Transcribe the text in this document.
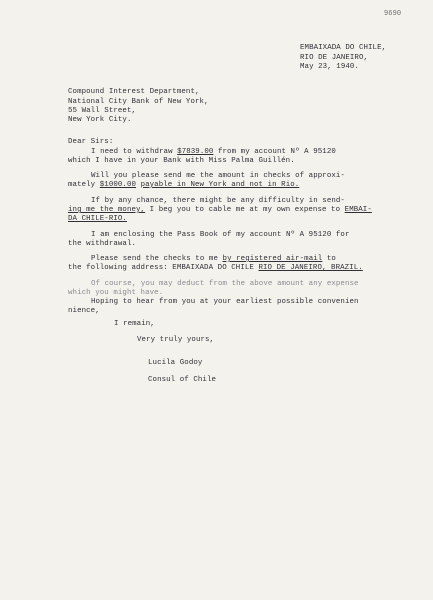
9690
EMBAIXADA DO CHILE,
RIO DE JANEIRO,
May 23, 1940.
Compound Interest Department,
National City Bank of New York,
55 Wall Street,
New York City.
Dear Sirs:
I need to withdraw $7839.00 from my account Nº A 95120
which I have in your Bank with Miss Palma Guillén.
Will you please send me the amount in checks of approxi-
mately $1000.00 payable in New York and not in Rio.
If by any chance, there might be any difficulty in send-
ing me the money, I beg you to cable me at my own expense to EMBAI-
DA CHILE-RIO.
I am enclosing the Pass Book of my account Nº A 95120 for
the withdrawal.
Please send the checks to me by registered air-mail to
the following address: EMBAIXADA DO CHILE RIO DE JANEIRO, BRAZIL.
Of course, you may deduct from the above amount any expense
which you might have.
Hoping to hear from you at your earliest possible convenien
nience,
I remain,
Very truly yours,
Lucila Godoy
Consul of Chile
